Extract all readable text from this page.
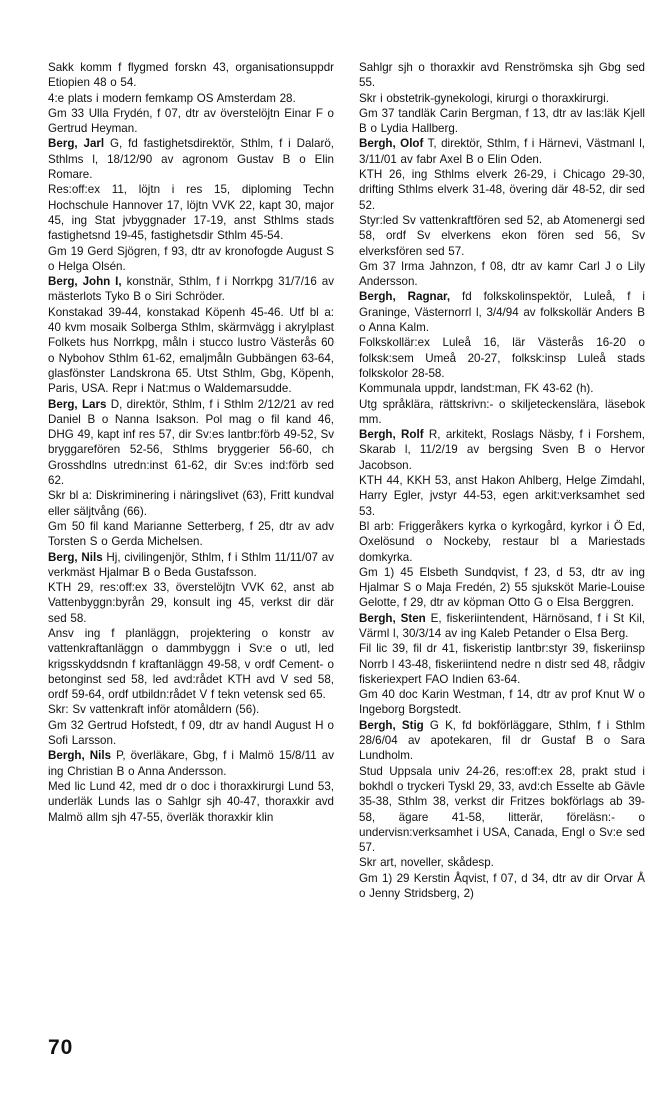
Sakk komm f flygmed forskn 43, organisationsuppdr Etiopien 48 o 54.

4:e plats i modern femkamp OS Amsterdam 28.

Gm 33 Ulla Frydén, f 07, dtr av överstelöjtn Einar F o Gertrud Heyman.

Berg, Jarl G, fd fastighetsdirektör, Sthlm, f i Dalarö, Sthlms l, 18/12/90 av agronom Gustav B o Elin Romare.

Res:off:ex 11, löjtn i res 15, diploming Techn Hochschule Hannover 17, löjtn VVK 22, kapt 30, major 45, ing Stat jvbyggnader 17-19, anst Sthlms stads fastighetsnd 19-45, fastighetsdir Sthlm 45-54.

Gm 19 Gerd Sjögren, f 93, dtr av kronofogde August S o Helga Olsén.

Berg, John I, konstnär, Sthlm, f i Norrkpg 31/7/16 av mästerlots Tyko B o Siri Schröder.

Konstakad 39-44, konstakad Köpenh 45-46. Utf bl a: 40 kvm mosaik Solberga Sthlm, skärmvägg i akrylplast Folkets hus Norrkpg, måln i stucco lustro Västerås 60 o Nybohov Sthlm 61-62, emaljmåln Gubbängen 63-64, glasfönster Landskrona 65. Utst Sthlm, Gbg, Köpenh, Paris, USA. Repr i Nat:mus o Waldemarsudde.

Berg, Lars D, direktör, Sthlm, f i Sthlm 2/12/21 av red Daniel B o Nanna Isakson. Pol mag o fil kand 46, DHG 49, kapt inf res 57, dir Sv:es lantbr:förb 49-52, Sv bryggarefören 52-56, Sthlms bryggerier 56-60, ch Grosshdlns utredn:inst 61-62, dir Sv:es ind:förb sed 62.

Skr bl a: Diskriminering i näringslivet (63), Fritt kundval eller säljtvång (66).

Gm 50 fil kand Marianne Setterberg, f 25, dtr av adv Torsten S o Gerda Michelsen.

Berg, Nils Hj, civilingenjör, Sthlm, f i Sthlm 11/11/07 av verkmäst Hjalmar B o Beda Gustafsson.

KTH 29, res:off:ex 33, överstelöjtn VVK 62, anst ab Vattenbyggn:byrån 29, konsult ing 45, verkst dir där sed 58.

Ansv ing f planläggn, projektering o konstr av vattenkraftanläggn o dammbyggn i Sv:e o utl, led krigsskyddsndn f kraftanläggn 49-58, v ordf Cement- o betonginst sed 58, led avd:rådet KTH avd V sed 58, ordf 59-64, ordf utbildn:rådet V f tekn vetensk sed 65.

Skr: Sv vattenkraft inför atomåldern (56).

Gm 32 Gertrud Hofstedt, f 09, dtr av handl August H o Sofi Larsson.

Bergh, Nils P, överläkare, Gbg, f i Malmö 15/8/11 av ing Christian B o Anna Andersson.

Med lic Lund 42, med dr o doc i thoraxkirurgi Lund 53, underläk Lunds las o Sahlgr sjh 40-47, thoraxkir avd Malmö allm sjh 47-55, överläk thoraxkir klin

Sahlgr sjh o thoraxkir avd Renströmska sjh Gbg sed 55.

Skr i obstetrik-gynekologi, kirurgi o thoraxkirurgi.

Gm 37 tandläk Carin Bergman, f 13, dtr av las:läk Kjell B o Lydia Hallberg.

Bergh, Olof T, direktör, Sthlm, f i Härnevi, Västmanl l, 3/11/01 av fabr Axel B o Elin Oden.

KTH 26, ing Sthlms elverk 26-29, i Chicago 29-30, drifting Sthlms elverk 31-48, övering där 48-52, dir sed 52.

Styr:led Sv vattenkraftfören sed 52, ab Atomenergi sed 58, ordf Sv elverkens ekon fören sed 56, Sv elverksfören sed 57.

Gm 37 Irma Jahnzon, f 08, dtr av kamr Carl J o Lily Andersson.

Bergh, Ragnar, fd folkskolinspektör, Luleå, f i Graninge, Västernorrl l, 3/4/94 av folkskollär Anders B o Anna Kalm.

Folkskollär:ex Luleå 16, lär Västerås 16-20 o folksk:sem Umeå 20-27, folksk:insp Luleå stads folkskolor 28-58.

Kommunala uppdr, landst:man, FK 43-62 (h).

Utg språklära, rättskrivn:- o skiljeteckenslära, läsebok mm.

Bergh, Rolf R, arkitekt, Roslags Näsby, f i Forshem, Skarab l, 11/2/19 av bergsing Sven B o Hervor Jacobson.

KTH 44, KKH 53, anst Hakon Ahlberg, Helge Zimdahl, Harry Egler, jvstyr 44-53, egen arkit:verksamhet sed 53.

Bl arb: Friggeråkers kyrka o kyrkogård, kyrkor i Ö Ed, Oxelösund o Nockeby, restaur bl a Mariestads domkyrka.

Gm 1) 45 Elsbeth Sundqvist, f 23, d 53, dtr av ing Hjalmar S o Maja Fredén, 2) 55 sjuksköt Marie-Louise Gelotte, f 29, dtr av köpman Otto G o Elsa Berggren.

Bergh, Sten E, fiskeriintendent, Härnösand, f i St Kil, Värml l, 30/3/14 av ing Kaleb Petander o Elsa Berg.

Fil lic 39, fil dr 41, fiskeristip lantbr:styr 39, fiskeriinsp Norrb l 43-48, fiskeriintend nedre n distr sed 48, rådgiv fiskeriexpert FAO Indien 63-64.

Gm 40 doc Karin Westman, f 14, dtr av prof Knut W o Ingeborg Borgstedt.

Bergh, Stig G K, fd bokförläggare, Sthlm, f i Sthlm 28/6/04 av apotekaren, fil dr Gustaf B o Sara Lundholm.

Stud Uppsala univ 24-26, res:off:ex 28, prakt stud i bokhdl o tryckeri Tyskl 29, 33, avd:ch Esselte ab Gävle 35-38, Sthlm 38, verkst dir Fritzes bokförlags ab 39-58, ägare 41-58, litterär, föreläsn:- o undervisn:verksamhet i USA, Canada, Engl o Sv:e sed 57.

Skr art, noveller, skådesp.

Gm 1) 29 Kerstin Åqvist, f 07, d 34, dtr av dir Orvar Å o Jenny Stridsberg, 2)

70
